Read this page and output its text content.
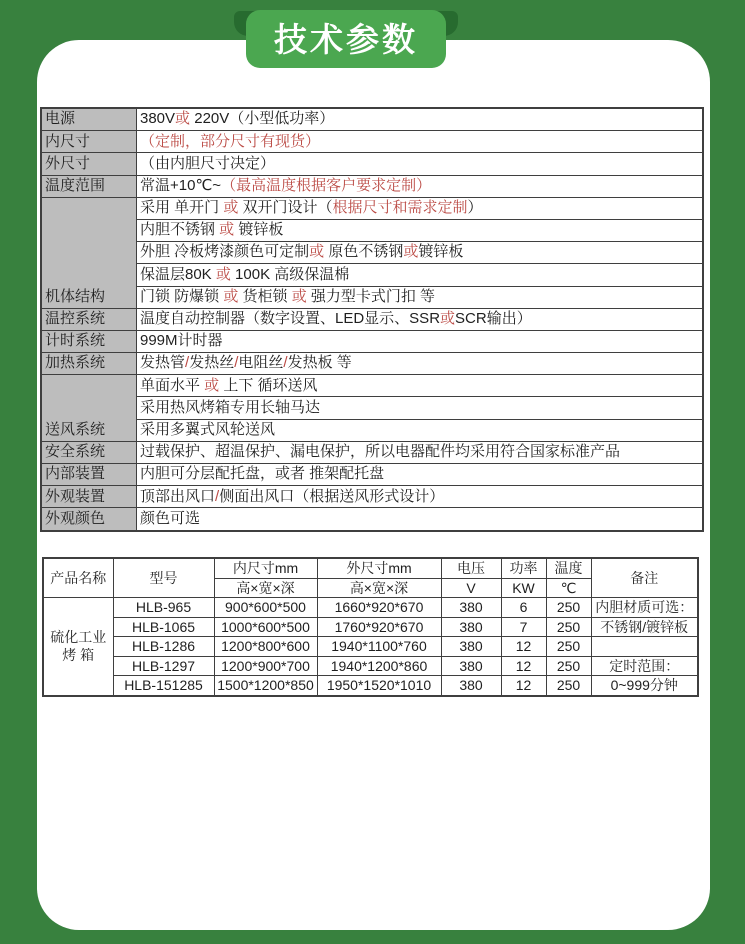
技术参数
电源	380V或 220V（小型低功率）
内尺寸	（定制，部分尺寸有现货）
外尺寸	（由内胆尺寸决定）
温度范围	常温+10℃~（最高温度根据客户要求定制）
机体结构	采用 单开门 或 双开门设计（根据尺寸和需求定制）
	内胆不锈钢 或 镀锌板
	外胆 冷板烤漆颜色可定制或 原色不锈钢或镀锌板
	保温层80K 或 100K 高级保温棉
	门锁 防爆锁 或 货柜锁 或 强力型卡式门扣 等
温控系统	温度自动控制器（数字设置、LED显示、SSR或SCR输出）
计时系统	999M计时器
加热系统	发热管/发热丝/电阻丝/发热板 等
送风系统	单面水平 或 上下 循环送风
	采用热风烤箱专用长轴马达
	采用多翼式风轮送风
安全系统	过载保护、超温保护、漏电保护，所以电器配件均采用符合国家标准产品
内部装置	内胆可分层配托盘，或者 推架配托盘
外观装置	顶部出风口/侧面出风口（根据送风形式设计）
外观颜色	颜色可选
产品名称	型号	内尺寸mm	外尺寸mm	电压	功率	温度	备注
		高×宽×深	高×宽×深	V	KW	℃	
硫化工业
烤 箱	HLB-965	900*600*500	1660*920*670	380	6	250	内胆材质可选：
	HLB-1065	1000*600*500	1760*920*670	380	7	250	不锈钢/镀锌板
	HLB-1286	1200*800*600	1940*1100*760	380	12	250	
	HLB-1297	1200*900*700	1940*1200*860	380	12	250	定时范围：
	HLB-151285	1500*1200*850	1950*1520*1010	380	12	250	0~999分钟
